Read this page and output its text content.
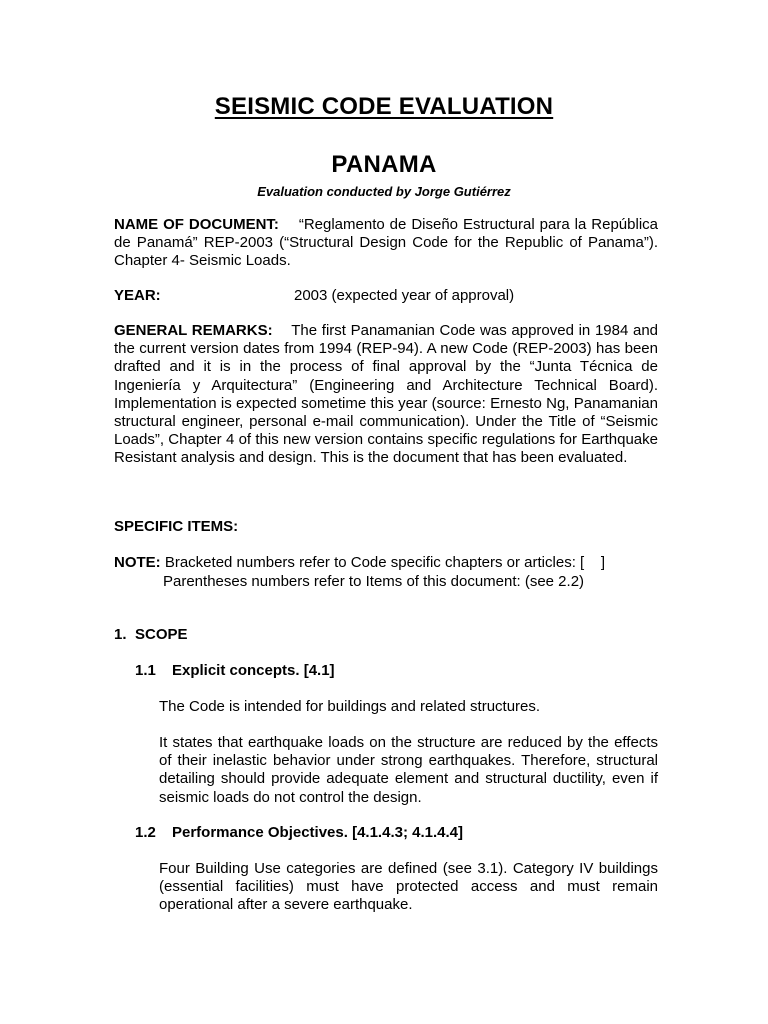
SEISMIC CODE EVALUATION
PANAMA
Evaluation conducted by Jorge Gutiérrez
NAME OF DOCUMENT: “Reglamento de Diseño Estructural para la República de Panamá” REP-2003 (“Structural Design Code for the Republic of Panama”). Chapter 4- Seismic Loads.
YEAR:	2003 (expected year of approval)
GENERAL REMARKS: The first Panamanian Code was approved in 1984 and the current version dates from 1994 (REP-94). A new Code (REP-2003) has been drafted and it is in the process of final approval by the “Junta Técnica de Ingeniería y Arquitectura” (Engineering and Architecture Technical Board). Implementation is expected sometime this year (source: Ernesto Ng, Panamanian structural engineer, personal e-mail communication). Under the Title of “Seismic Loads”, Chapter 4 of this new version contains specific regulations for Earthquake Resistant analysis and design. This is the document that has been evaluated.
SPECIFIC ITEMS:
NOTE: Bracketed numbers refer to Code specific chapters or articles: [    ]
Parentheses numbers refer to Items of this document: (see 2.2)
1. SCOPE
1.1 Explicit concepts. [4.1]
The Code is intended for buildings and related structures.
It states that earthquake loads on the structure are reduced by the effects of their inelastic behavior under strong earthquakes. Therefore, structural detailing should provide adequate element and structural ductility, even if seismic loads do not control the design.
1.2 Performance Objectives. [4.1.4.3; 4.1.4.4]
Four Building Use categories are defined (see 3.1). Category IV buildings (essential facilities) must have protected access and must remain operational after a severe earthquake.
